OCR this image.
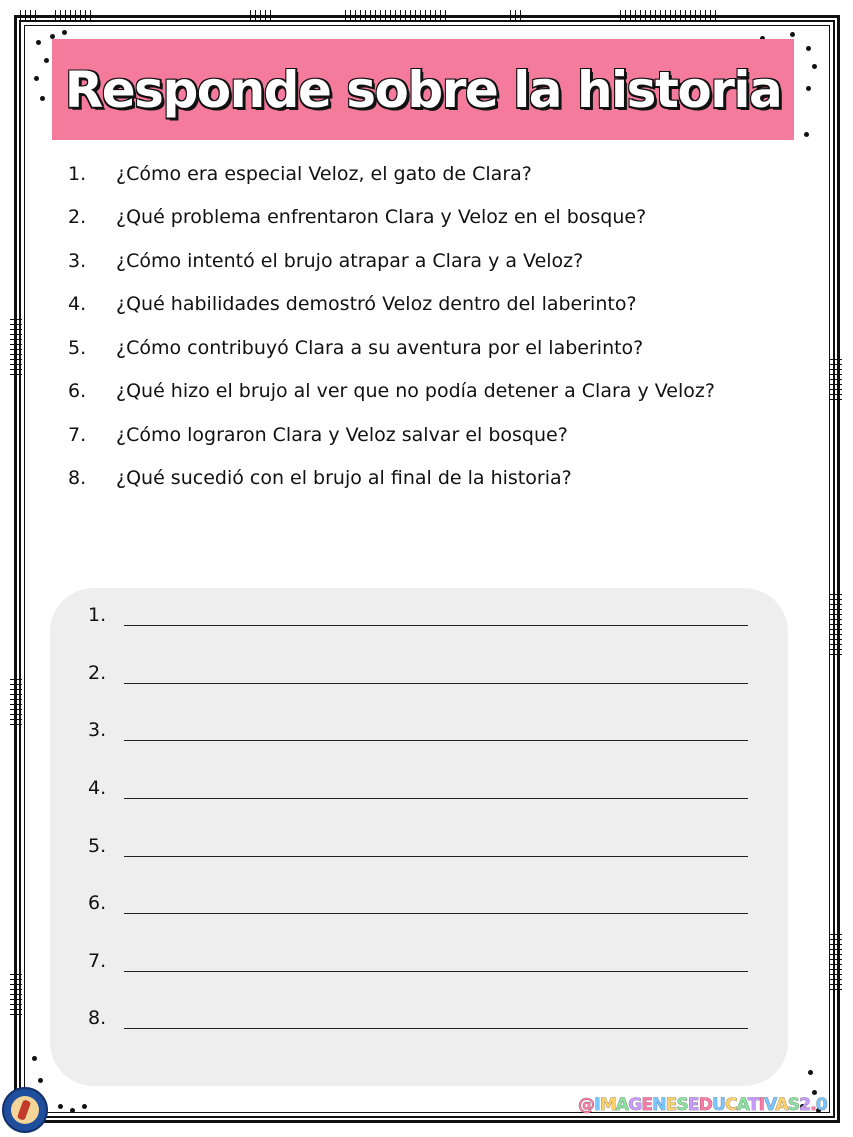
Responde sobre la historia
1.	¿Cómo era especial Veloz, el gato de Clara?
2.	¿Qué problema enfrentaron Clara y Veloz en el bosque?
3.	¿Cómo intentó el brujo atrapar a Clara y a Veloz?
4.	¿Qué habilidades demostró Veloz dentro del laberinto?
5.	¿Cómo contribuyó Clara a su aventura por el laberinto?
6.	¿Qué hizo el brujo al ver que no podía detener a Clara y Veloz?
7.	¿Cómo lograron Clara y Veloz salvar el bosque?
8.	¿Qué sucedió con el brujo al final de la historia?
1.
2.
3.
4.
5.
6.
7.
8.
@IMAGENESEDUCATIVAS2.0
